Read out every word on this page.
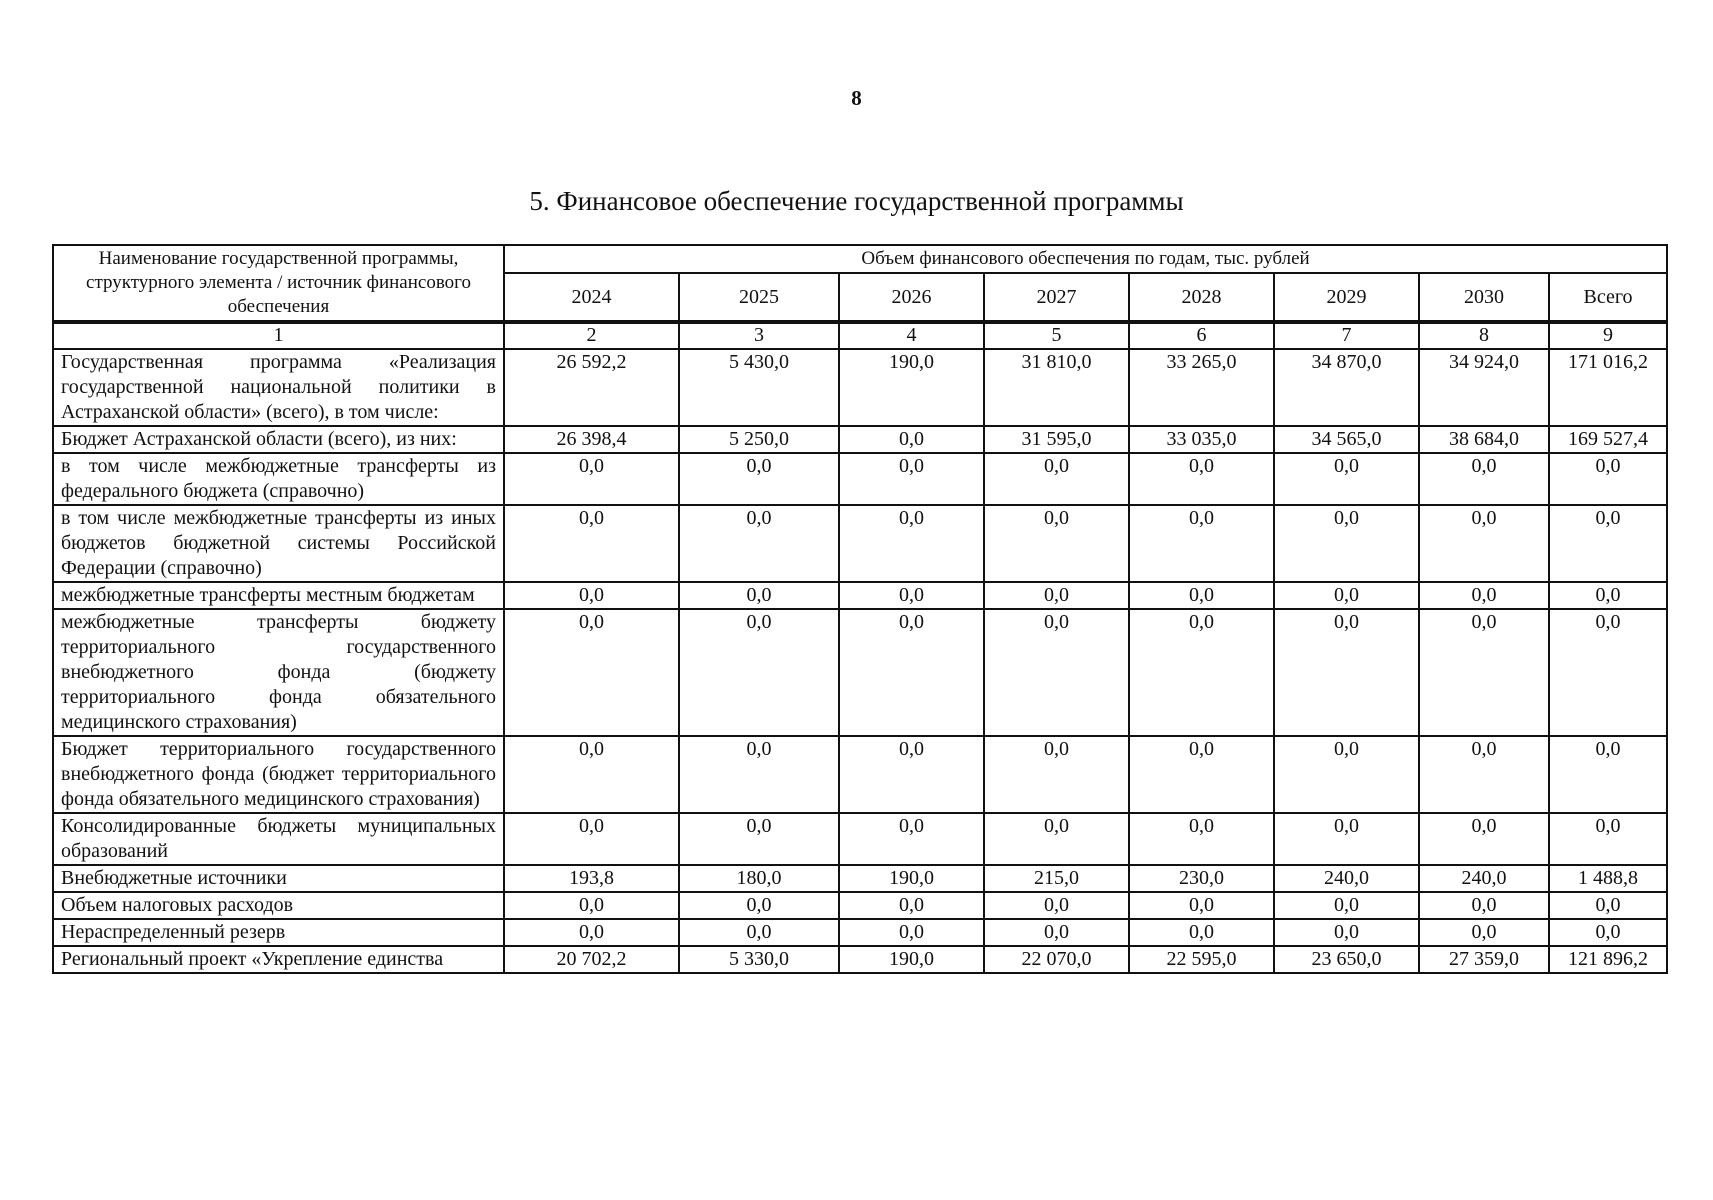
8
5. Финансовое обеспечение государственной программы
Наименование государственной программы, структурного элемента / источник финансового обеспечения	Объем финансового обеспечения по годам, тыс. рублей							
	2024	2025	2026	2027	2028	2029	2030	Всего
1	2	3	4	5	6	7	8	9
Государственная программа «Реализация государственной национальной политики в Астраханской области» (всего), в том числе:	26 592,2	5 430,0	190,0	31 810,0	33 265,0	34 870,0	34 924,0	171 016,2
Бюджет Астраханской области (всего), из них:	26 398,4	5 250,0	0,0	31 595,0	33 035,0	34 565,0	38 684,0	169 527,4
в том числе межбюджетные трансферты из федерального бюджета (справочно)	0,0	0,0	0,0	0,0	0,0	0,0	0,0	0,0
в том числе межбюджетные трансферты из иных бюджетов бюджетной системы Российской Федерации (справочно)	0,0	0,0	0,0	0,0	0,0	0,0	0,0	0,0
межбюджетные трансферты местным бюджетам	0,0	0,0	0,0	0,0	0,0	0,0	0,0	0,0
межбюджетные трансферты бюджету территориального государственного внебюджетного фонда (бюджету территориального фонда обязательного медицинского страхования)	0,0	0,0	0,0	0,0	0,0	0,0	0,0	0,0
Бюджет территориального государственного внебюджетного фонда (бюджет территориального фонда обязательного медицинского страхования)	0,0	0,0	0,0	0,0	0,0	0,0	0,0	0,0
Консолидированные бюджеты муниципальных образований	0,0	0,0	0,0	0,0	0,0	0,0	0,0	0,0
Внебюджетные источники	193,8	180,0	190,0	215,0	230,0	240,0	240,0	1 488,8
Объем налоговых расходов	0,0	0,0	0,0	0,0	0,0	0,0	0,0	0,0
Нераспределенный резерв	0,0	0,0	0,0	0,0	0,0	0,0	0,0	0,0
Региональный проект «Укрепление единства	20 702,2	5 330,0	190,0	22 070,0	22 595,0	23 650,0	27 359,0	121 896,2
